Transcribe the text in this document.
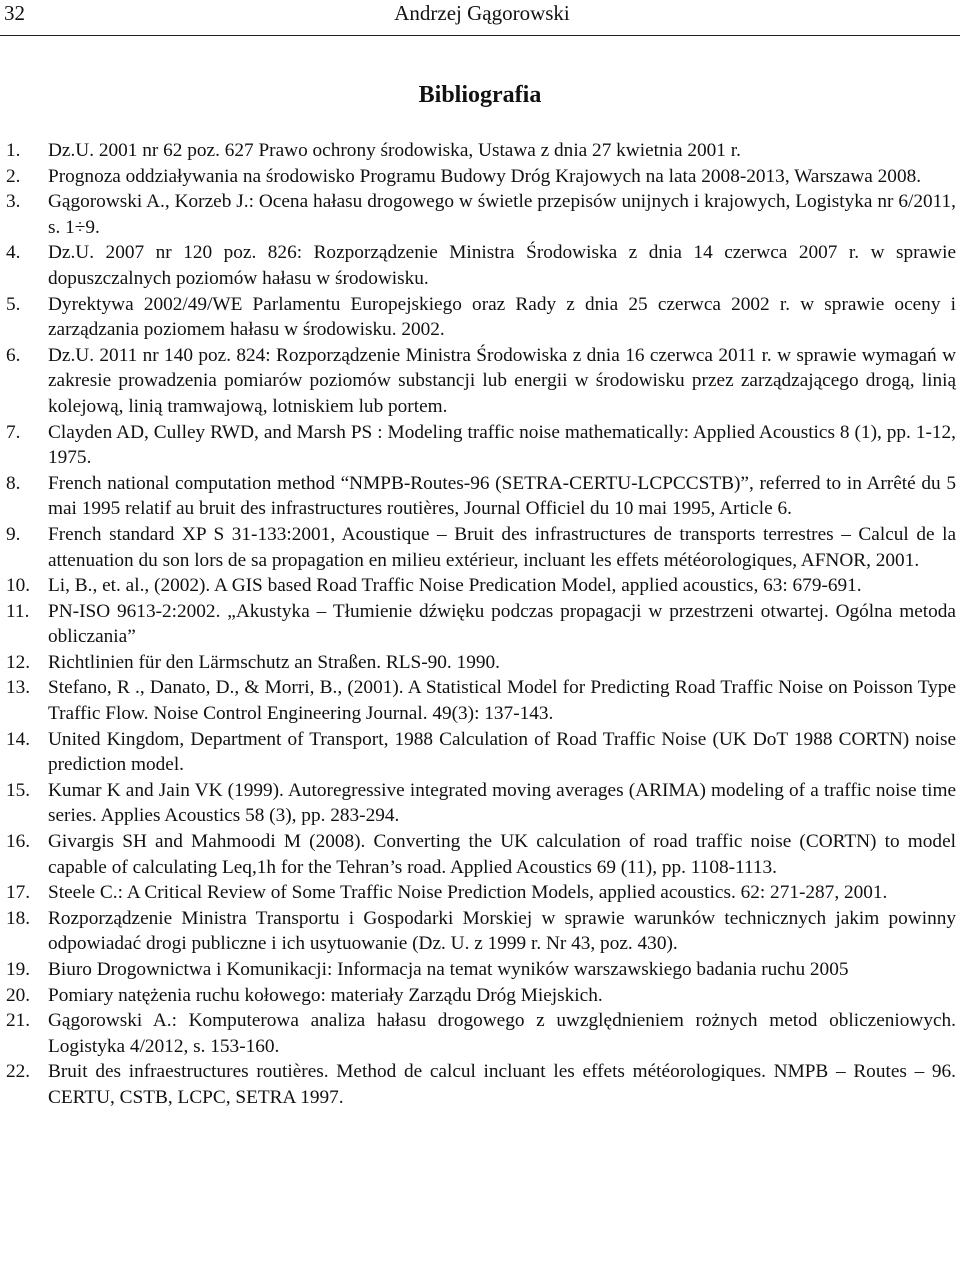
32	Andrzej Gągorowski
Bibliografia
1. Dz.U. 2001 nr 62 poz. 627 Prawo ochrony środowiska, Ustawa z dnia 27 kwietnia 2001 r.
2. Prognoza oddziaływania na środowisko Programu Budowy Dróg Krajowych na lata 2008-2013, Warszawa 2008.
3. Gągorowski A., Korzeb J.: Ocena hałasu drogowego w świetle przepisów unijnych i krajowych, Logistyka nr 6/2011, s. 1÷9.
4. Dz.U. 2007 nr 120 poz. 826: Rozporządzenie Ministra Środowiska z dnia 14 czerwca 2007 r. w sprawie dopuszczalnych poziomów hałasu w środowisku.
5. Dyrektywa 2002/49/WE Parlamentu Europejskiego oraz Rady z dnia 25 czerwca 2002 r. w sprawie oceny i zarządzania poziomem hałasu w środowisku. 2002.
6. Dz.U. 2011 nr 140 poz. 824: Rozporządzenie Ministra Środowiska z dnia 16 czerwca 2011 r. w sprawie wymagań w zakresie prowadzenia pomiarów poziomów substancji lub energii w środowisku przez zarządzającego drogą, linią kolejową, linią tramwajową, lotniskiem lub portem.
7. Clayden AD, Culley RWD, and Marsh PS : Modeling traffic noise mathematically: Applied Acoustics 8 (1), pp. 1-12, 1975.
8. French national computation method “NMPB-Routes-96 (SETRA-CERTU-LCPCCSTB)”, referred to in Arrêté du 5 mai 1995 relatif au bruit des infrastructures routières, Journal Officiel du 10 mai 1995, Article 6.
9. French standard XP S 31-133:2001, Acoustique – Bruit des infrastructures de transports terrestres – Calcul de la attenuation du son lors de sa propagation en milieu extérieur, incluant les effets météorologiques, AFNOR, 2001.
10. Li, B., et. al., (2002). A GIS based Road Traffic Noise Predication Model, applied acoustics, 63: 679-691.
11. PN-ISO 9613-2:2002. „Akustyka – Tłumienie dźwięku podczas propagacji w przestrzeni otwartej. Ogólna metoda obliczania”
12. Richtlinien für den Lärmschutz an Straßen. RLS-90. 1990.
13. Stefano, R ., Danato, D., & Morri, B., (2001). A Statistical Model for Predicting Road Traffic Noise on Poisson Type Traffic Flow. Noise Control Engineering Journal. 49(3): 137-143.
14. United Kingdom, Department of Transport, 1988 Calculation of Road Traffic Noise (UK DoT 1988 CORTN) noise prediction model.
15. Kumar K and Jain VK (1999). Autoregressive integrated moving averages (ARIMA) modeling of a traffic noise time series. Applies Acoustics 58 (3), pp. 283-294.
16. Givargis SH and Mahmoodi M (2008). Converting the UK calculation of road traffic noise (CORTN) to model capable of calculating Leq,1h for the Tehran’s road. Applied Acoustics 69 (11), pp. 1108-1113.
17. Steele C.: A Critical Review of Some Traffic Noise Prediction Models, applied acoustics. 62: 271-287, 2001.
18. Rozporządzenie Ministra Transportu i Gospodarki Morskiej w sprawie warunków technicznych jakim powinny odpowiadać drogi publiczne i ich usytuowanie (Dz. U. z 1999 r. Nr 43, poz. 430).
19. Biuro Drogownictwa i Komunikacji: Informacja na temat wyników warszawskiego badania ruchu 2005
20. Pomiary natężenia ruchu kołowego: materiały Zarządu Dróg Miejskich.
21. Gągorowski A.: Komputerowa analiza hałasu drogowego z uwzględnieniem rożnych metod obliczeniowych. Logistyka 4/2012, s. 153-160.
22. Bruit des infraestructures routières. Method de calcul incluant les effets météorologiques. NMPB – Routes – 96. CERTU, CSTB, LCPC, SETRA 1997.
